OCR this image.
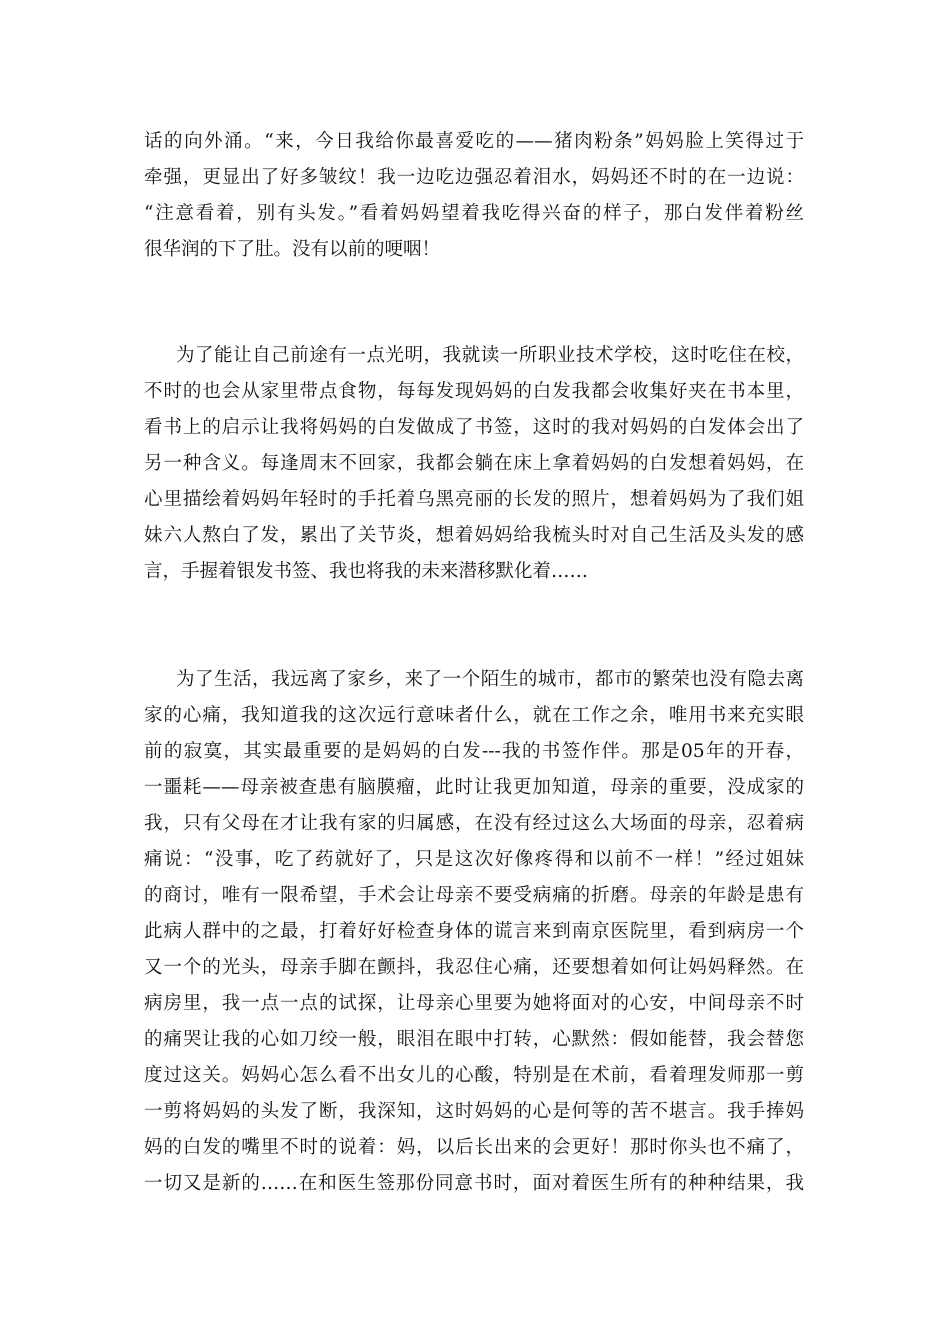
话的向外涌。“来，今日我给你最喜爱吃的——猪肉粉条”妈妈脸上笑得过于
牵强，更显出了好多皱纹！我一边吃边强忍着泪水，妈妈还不时的在一边说：
“注意看着，别有头发。”看着妈妈望着我吃得兴奋的样子，那白发伴着粉丝
很华润的下了肚。没有以前的哽咽！
为了能让自己前途有一点光明，我就读一所职业技术学校，这时吃住在校，
不时的也会从家里带点食物，每每发现妈妈的白发我都会收集好夹在书本里，
看书上的启示让我将妈妈的白发做成了书签，这时的我对妈妈的白发体会出了
另一种含义。每逢周末不回家，我都会躺在床上拿着妈妈的白发想着妈妈，在
心里描绘着妈妈年轻时的手托着乌黑亮丽的长发的照片，想着妈妈为了我们姐
妹六人熬白了发，累出了关节炎，想着妈妈给我梳头时对自己生活及头发的感
言，手握着银发书签、我也将我的未来潜移默化着……
为了生活，我远离了家乡，来了一个陌生的城市，都市的繁荣也没有隐去离
家的心痛，我知道我的这次远行意味者什么，就在工作之余，唯用书来充实眼
前的寂寞，其实最重要的是妈妈的白发---我的书签作伴。那是05年的开春，
一噩耗——母亲被查患有脑膜瘤，此时让我更加知道，母亲的重要，没成家的
我，只有父母在才让我有家的归属感，在没有经过这么大场面的母亲，忍着病
痛说：“没事，吃了药就好了，只是这次好像疼得和以前不一样！”经过姐妹
的商讨，唯有一限希望，手术会让母亲不要受病痛的折磨。母亲的年龄是患有
此病人群中的之最，打着好好检查身体的谎言来到南京医院里，看到病房一个
又一个的光头，母亲手脚在颤抖，我忍住心痛，还要想着如何让妈妈释然。在
病房里，我一点一点的试探，让母亲心里要为她将面对的心安，中间母亲不时
的痛哭让我的心如刀绞一般，眼泪在眼中打转，心默然：假如能替，我会替您
度过这关。妈妈心怎么看不出女儿的心酸，特别是在术前，看着理发师那一剪
一剪将妈妈的头发了断，我深知，这时妈妈的心是何等的苦不堪言。我手捧妈
妈的白发的嘴里不时的说着：妈，以后长出来的会更好！那时你头也不痛了，
一切又是新的……在和医生签那份同意书时，面对着医生所有的种种结果，我
